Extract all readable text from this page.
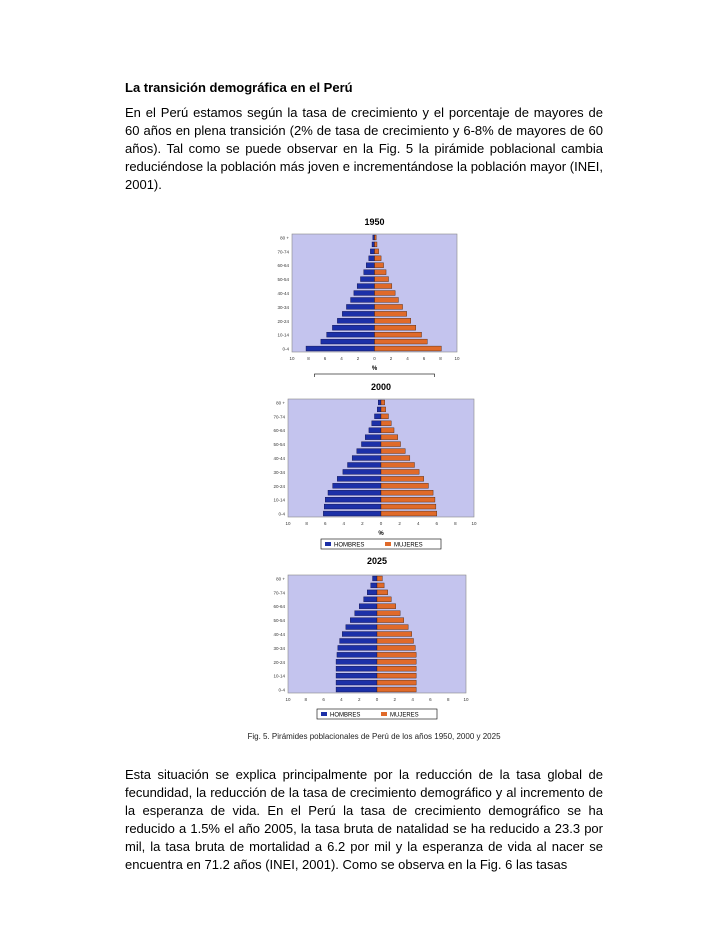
La transición demográfica en el Perú
En el Perú estamos según la tasa de crecimiento y el porcentaje de mayores de 60 años en plena transición (2% de tasa de crecimiento y 6-8% de mayores de 60 años). Tal como se puede observar en la Fig. 5 la pirámide poblacional cambia reduciéndose la población más joven e incrementándose la población mayor (INEI, 2001).
1950
80 +
70-74
60-64
50-54
40-44
30-34
20-24
10-14
0-4
10	8	6	4	2	0	2	4	6	8	10
%
2000
80 +
70-74
60-64
50-54
40-44
30-34
20-24
10-14
0-4
10	8	6	4	2	0	2	4	6	8	10
%
HOMBRES	MUJERES
2025
80 +
70-74
60-64
50-54
40-44
30-34
20-24
10-14
0-4
10	8	6	4	2	0	2	4	6	8	10
HOMBRES	MUJERES
Fig. 5. Pirámides poblacionales de Perú de los años 1950, 2000 y 2025
Esta situación se explica principalmente por la reducción de la tasa global de fecundidad, la reducción de la tasa de crecimiento demográfico y al incremento de la esperanza de vida. En el Perú la tasa de crecimiento demográfico se ha reducido a 1.5% el año 2005, la tasa bruta de natalidad se ha reducido a 23.3 por mil, la tasa bruta de mortalidad a 6.2 por mil y la esperanza de vida al nacer se encuentra en 71.2 años (INEI, 2001). Como se observa en la Fig. 6 las tasas
